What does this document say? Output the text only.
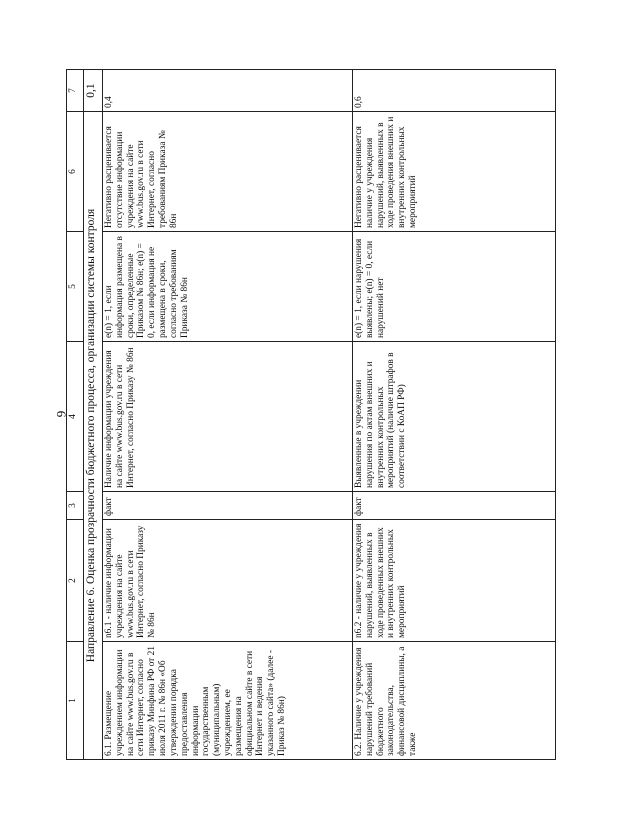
9
1	2	3	4	5	6	7
Направление 6. Оценка прозрачности бюджетного процесса, организации системы контроля						0,1
6.1. Размещение учреждением информации на сайте www.bus.gov.ru в сети Интернет, согласно приказу Минфина РФ от 21 июля 2011 г. № 86н «Об утверждении порядка предоставления информации государственным (муниципальным) учреждением, ее размещения на официальном сайте в сети Интернет и ведения указанного сайта» (далее - Приказ № 86н)	n6.1 - наличие информации учреждения на сайте www.bus.gov.ru в сети Интернет, согласно Приказу № 86н	факт	Наличие информации учреждения на сайте www.bus.gov.ru в сети Интернет, согласно Приказу № 86н	e(n) = 1, если информация размещена в сроки, определенные Приказом № 86н; e(n) = 0, если информация не размещена в сроки, согласно требованиям Приказа № 86н	Негативно расценивается отсутствие информации учреждения на сайте www.bus.gov.ru в сети Интернет, согласно требованиям Приказа № 86н	0,4
6.2. Наличие у учреждения нарушений требований бюджетного законодательства, финансовой дисциплины, а также	n6.2 - наличие у учреждения нарушений, выявленных в ходе проведенных внешних и внутренних контрольных мероприятий	факт	Выявленные в учреждении нарушения по актам внешних и внутренних контрольных мероприятий (наличие штрафов в соответствии с КоАП РФ)	e(n) = 1, если нарушения выявлены; e(n) = 0, если нарушений нет	Негативно расценивается наличие у учреждения нарушений, выявленных в ходе проведения внешних и внутренних контрольных мероприятий	0,6
